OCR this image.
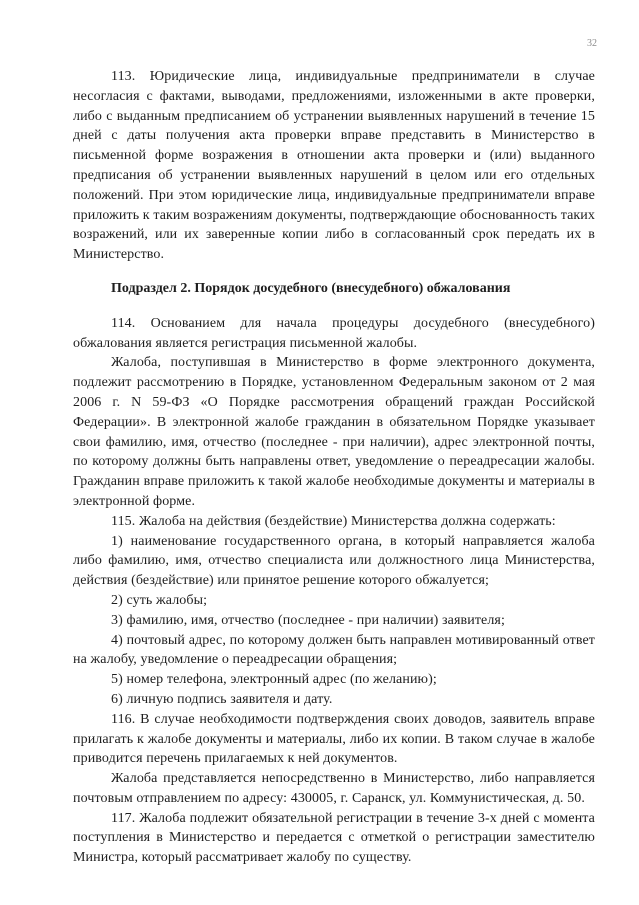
32

113. Юридические лица, индивидуальные предприниматели в случае несогласия с фактами, выводами, предложениями, изложенными в акте проверки, либо с выданным предписанием об устранении выявленных нарушений в течение 15 дней с даты получения акта проверки вправе представить в Министерство в письменной форме возражения в отношении акта проверки и (или) выданного предписания об устранении выявленных нарушений в целом или его отдельных положений. При этом юридические лица, индивидуальные предприниматели вправе приложить к таким возражениям документы, подтверждающие обоснованность таких возражений, или их заверенные копии либо в согласованный срок передать их в Министерство.

Подраздел 2. Порядок досудебного (внесудебного) обжалования

114. Основанием для начала процедуры досудебного (внесудебного) обжалования является регистрация письменной жалобы.

Жалоба, поступившая в Министерство в форме электронного документа, подлежит рассмотрению в Порядке, установленном Федеральным законом от 2 мая 2006 г. N 59-ФЗ «О Порядке рассмотрения обращений граждан Российской Федерации». В электронной жалобе гражданин в обязательном Порядке указывает свои фамилию, имя, отчество (последнее - при наличии), адрес электронной почты, по которому должны быть направлены ответ, уведомление о переадресации жалобы. Гражданин вправе приложить к такой жалобе необходимые документы и материалы в электронной форме.

115. Жалоба на действия (бездействие) Министерства должна содержать:

1) наименование государственного органа, в который направляется жалоба либо фамилию, имя, отчество специалиста или должностного лица Министерства, действия (бездействие) или принятое решение которого обжалуется;

2) суть жалобы;

3) фамилию, имя, отчество (последнее - при наличии) заявителя;

4) почтовый адрес, по которому должен быть направлен мотивированный ответ на жалобу, уведомление о переадресации обращения;

5) номер телефона, электронный адрес (по желанию);

6) личную подпись заявителя и дату.

116. В случае необходимости подтверждения своих доводов, заявитель вправе прилагать к жалобе документы и материалы, либо их копии. В таком случае в жалобе приводится перечень прилагаемых к ней документов.

Жалоба представляется непосредственно в Министерство, либо направляется почтовым отправлением по адресу: 430005, г. Саранск, ул. Коммунистическая, д. 50.

117. Жалоба подлежит обязательной регистрации в течение 3-х дней с момента поступления в Министерство и передается с отметкой о регистрации заместителю Министра, который рассматривает жалобу по существу.
